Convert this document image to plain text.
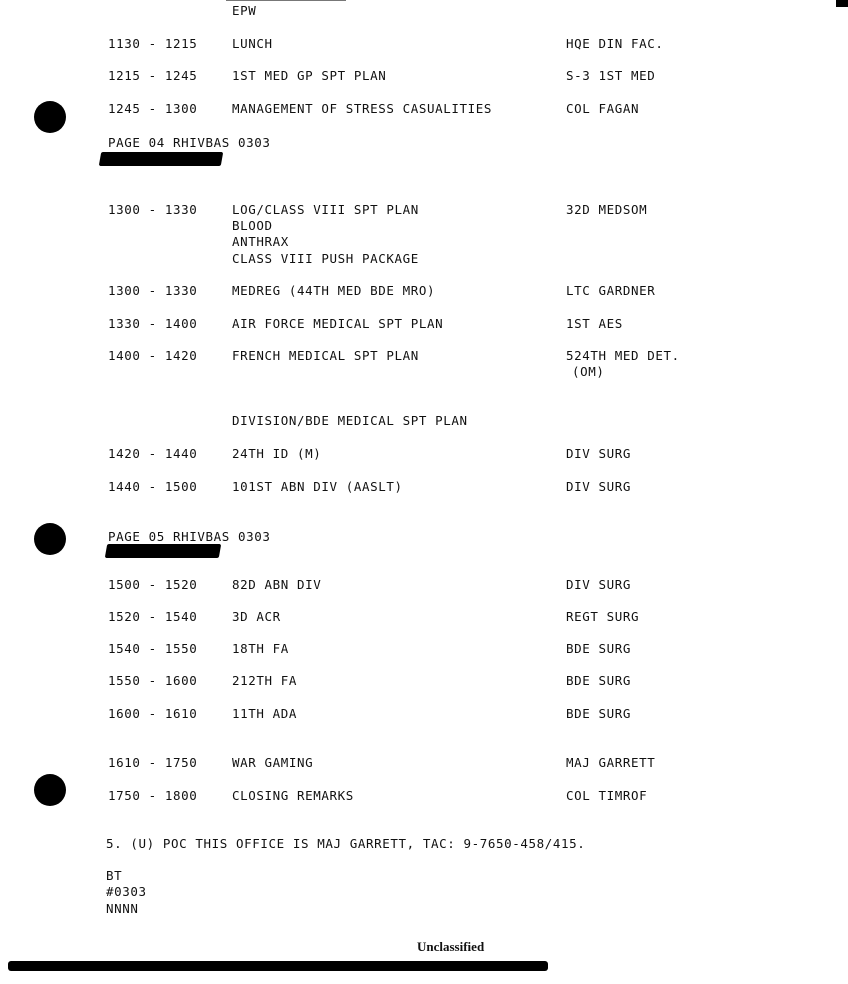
EPW
1130 - 1215	LUNCH	HQE DIN FAC.
1215 - 1245	1ST MED GP SPT PLAN	S-3 1ST MED
1245 - 1300	MANAGEMENT OF STRESS CASUALITIES	COL FAGAN
PAGE 04 RHIVBAS 0303
1300 - 1330	LOG/CLASS VIII SPT PLAN	32D MEDSOM
BLOOD
ANTHRAX
CLASS VIII PUSH PACKAGE
1300 - 1330	MEDREG (44TH MED BDE MRO)	LTC GARDNER
1330 - 1400	AIR FORCE MEDICAL SPT PLAN	1ST AES
1400 - 1420	FRENCH MEDICAL SPT PLAN	524TH MED DET.
(OM)
DIVISION/BDE MEDICAL SPT PLAN
1420 - 1440	24TH ID (M)	DIV SURG
1440 - 1500	101ST ABN DIV (AASLT)	DIV SURG
PAGE 05 RHIVBAS 0303
1500 - 1520	82D ABN DIV	DIV SURG
1520 - 1540	3D ACR	REGT SURG
1540 - 1550	18TH FA	BDE SURG
1550 - 1600	212TH FA	BDE SURG
1600 - 1610	11TH ADA	BDE SURG
1610 - 1750	WAR GAMING	MAJ GARRETT
1750 - 1800	CLOSING REMARKS	COL TIMROF
5. (U) POC THIS OFFICE IS MAJ GARRETT, TAC: 9-7650-458/415.
BT
#0303
NNNN
Unclassified
